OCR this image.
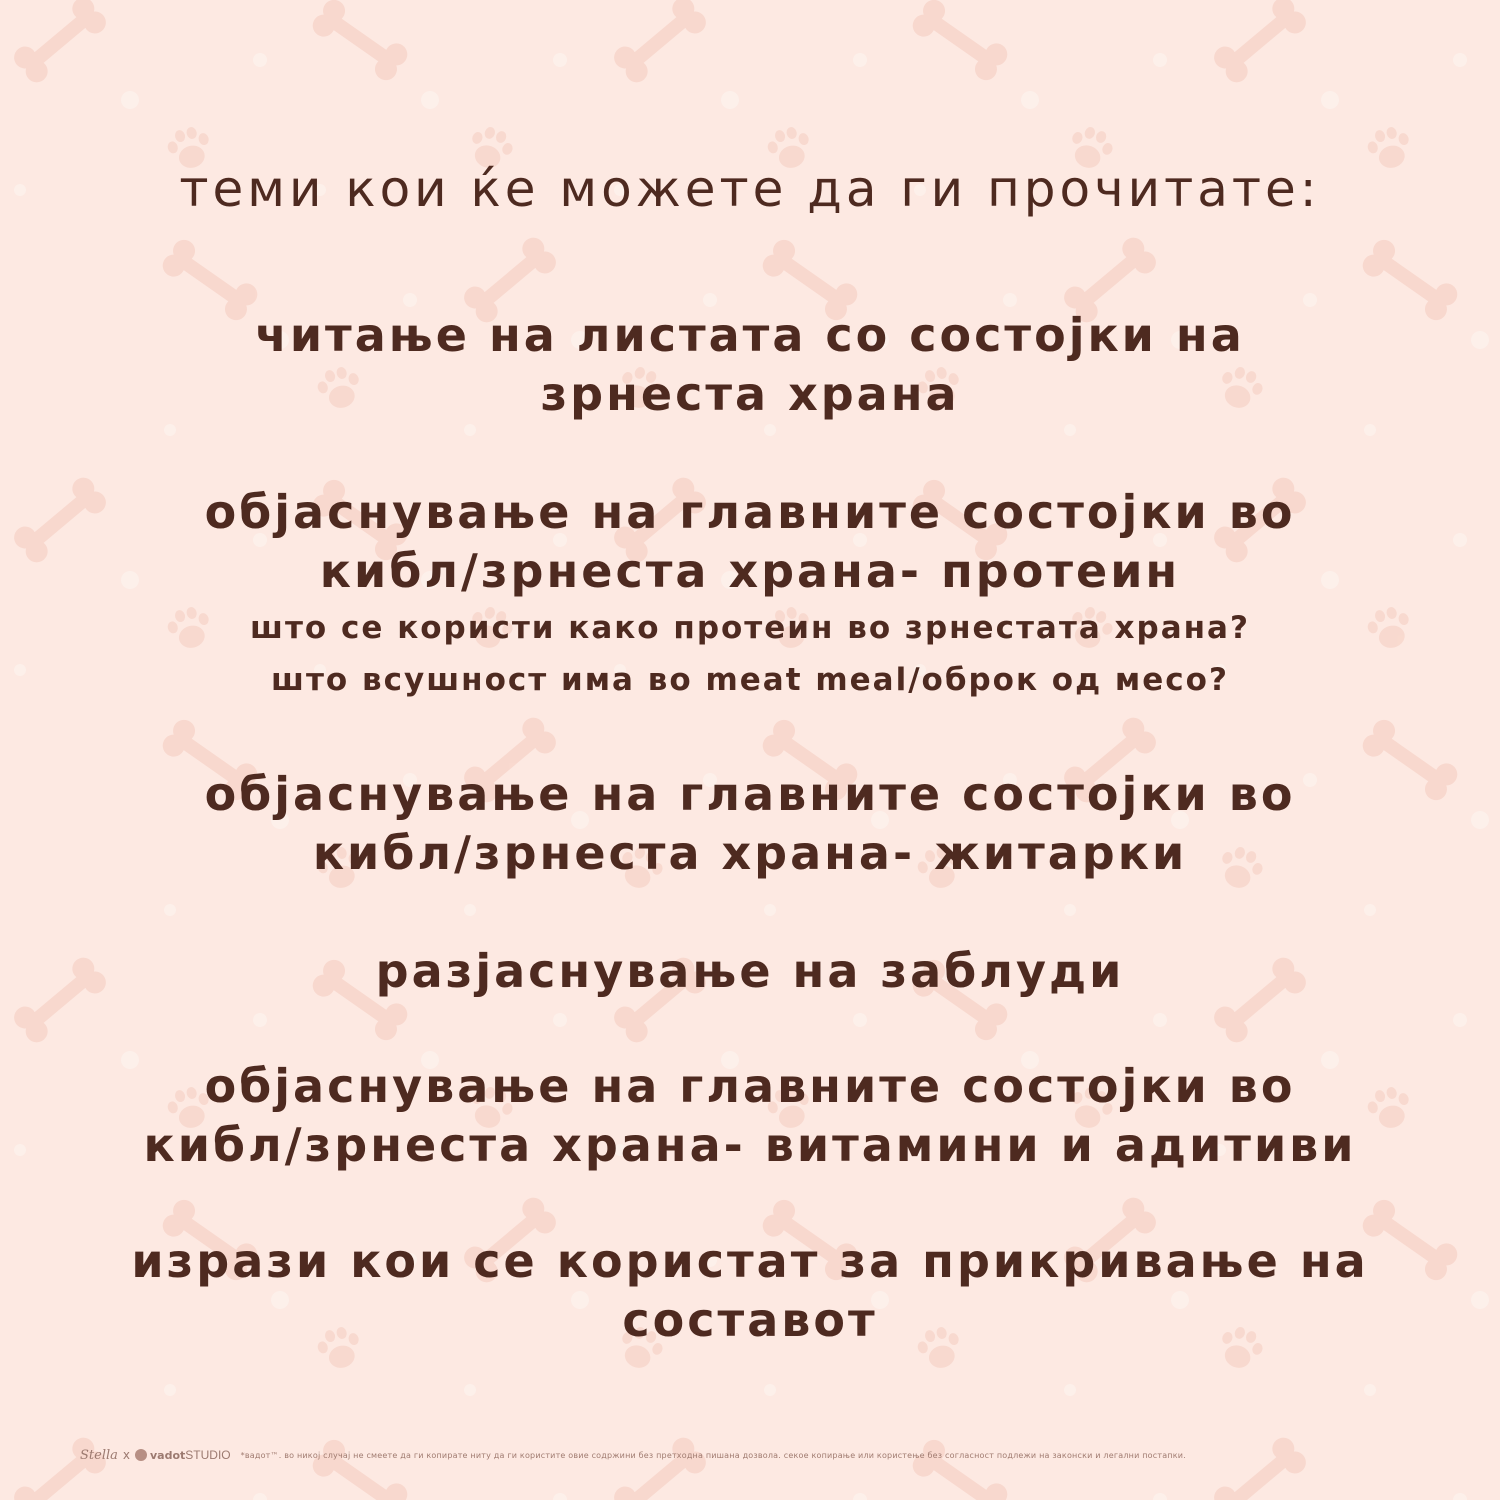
теми кои ќе можете да ги прочитате:
читање на листата со состојки на
зрнеста храна
објаснување на главните состојки во
кибл/зрнеста храна- протеин
што се користи како протеин во зрнестата храна?
што всушност има во meat meal/оброк од месо?
објаснување на главните состојки во
кибл/зрнеста храна- житарки
разјаснување на заблуди
објаснување на главните состојки во
кибл/зрнеста храна- витамини и адитиви
изрази кои се користат за прикривање на
составот
Stella x vadot STUDIO *вадот™. во никој случај не смеете да ги копирате ниту да ги користите овие содржини без претходна пишана дозвола. секое копирање или користење без согласност подлежи на законски и легални постапки.
